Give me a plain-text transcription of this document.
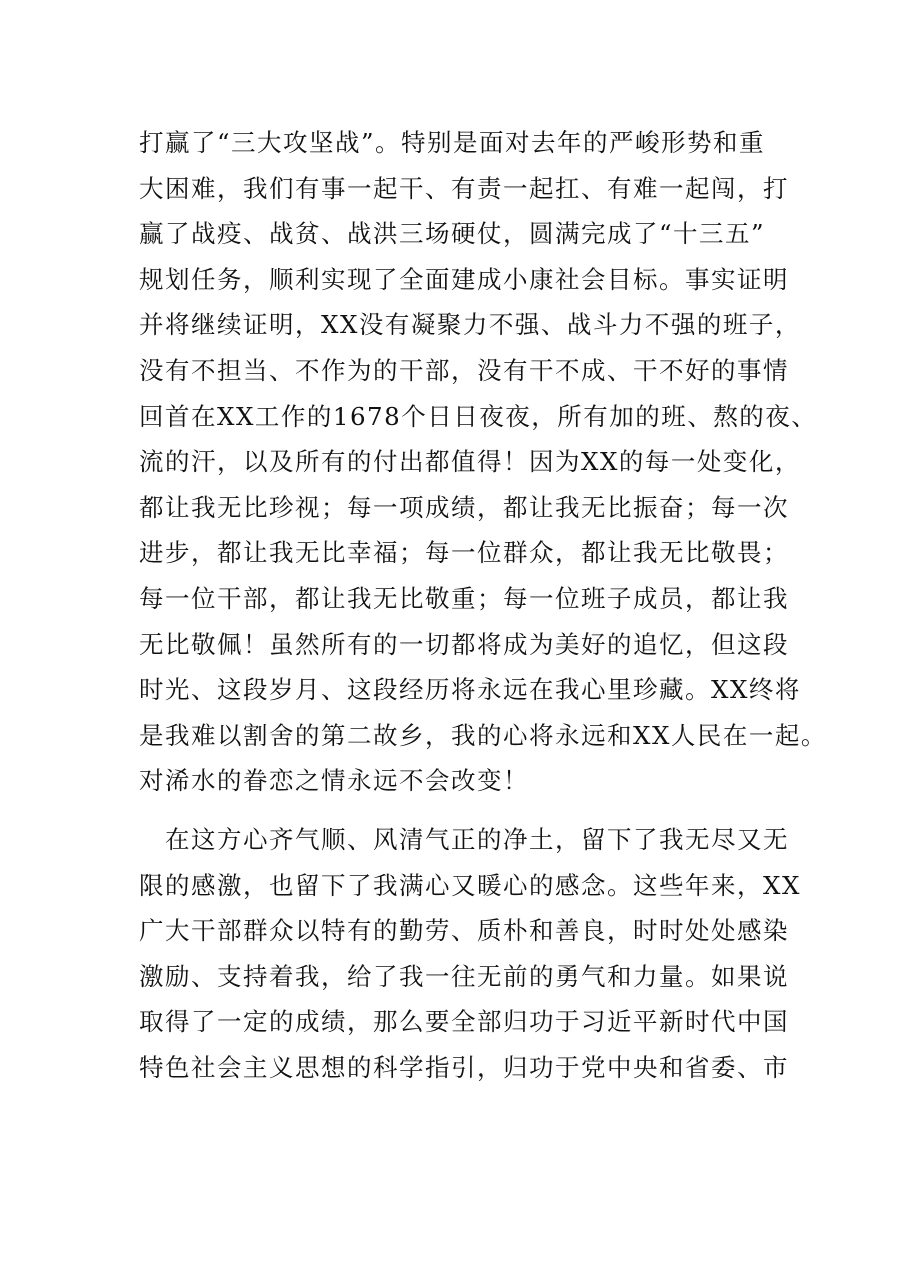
打赢了“三大攻坚战”。特别是面对去年的严峻形势和重
大困难，我们有事一起干、有责一起扛、有难一起闯，打
赢了战疫、战贫、战洪三场硬仗，圆满完成了“十三五”
规划任务，顺利实现了全面建成小康社会目标。事实证明
并将继续证明，XX没有凝聚力不强、战斗力不强的班子，
没有不担当、不作为的干部，没有干不成、干不好的事情
回首在XX工作的1678个日日夜夜，所有加的班、熬的夜、
流的汗，以及所有的付出都值得！因为XX的每一处变化，
都让我无比珍视；每一项成绩，都让我无比振奋；每一次
进步，都让我无比幸福；每一位群众，都让我无比敬畏；
每一位干部，都让我无比敬重；每一位班子成员，都让我
无比敬佩！虽然所有的一切都将成为美好的追忆，但这段
时光、这段岁月、这段经历将永远在我心里珍藏。XX终将
是我难以割舍的第二故乡，我的心将永远和XX人民在一起。
对浠水的眷恋之情永远不会改变！
　在这方心齐气顺、风清气正的净土，留下了我无尽又无
限的感激，也留下了我满心又暖心的感念。这些年来，XX
广大干部群众以特有的勤劳、质朴和善良，时时处处感染
激励、支持着我，给了我一往无前的勇气和力量。如果说
取得了一定的成绩，那么要全部归功于习近平新时代中国
特色社会主义思想的科学指引，归功于党中央和省委、市
